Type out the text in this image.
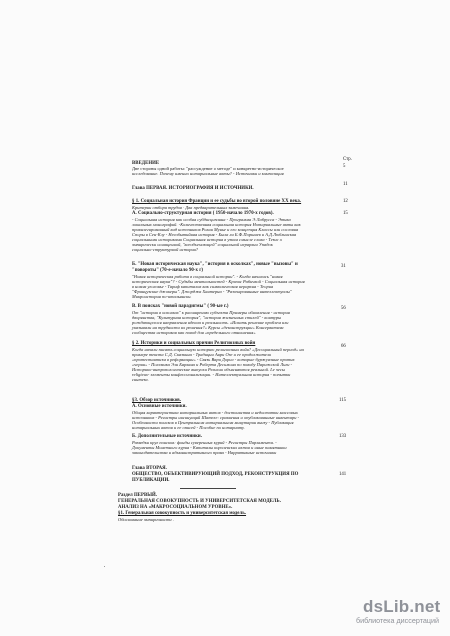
Стр.
5
11
12
15
31
56
66
115
133
141
ВВЕДЕНИЕ
Две стороны одной работы: "рассуждение о методе" и конкретно-историческое
исследование. Почему именно нотариальные акты? - Источники и композиция
Глава ПЕРВАЯ. ИСТОРИОГРАФИЯ И ИСТОЧНИКИ.
§ 1. Социальная история Франции и ее судьбы во второй половине XX века.
Критерии отбора трудов · Два предварительных замечания.
А. Социально-структурная история ( 1950-начало 1970-х годов).
- Социальная история как особая субдисциплина - Программа Э.Лабрусса - Этика
локальных монографий. -Количественная социальная история Нотариальные акты как
привилегированный вид источников Ролан Мунье и его концепция Классы или сословия
Споры в Сен-Клу - Несобытийная история - Была ли Б.Ф.Поршнев и А.Д.Люблинская
социальными историками Социальная история в узком смысле слова - Тезис о
эмпирически оснащенной, "всеобъемлющей" социальной иерархии Упадок
социально-структурной истории?
Б. "Новая историческая наука", "история в осколках", новые "вызовы" и
"повороты" (70-е-начало 90-х г)
"Новая историческая работа в социальной истории". - Когда начались "новая
историческая наука"? - Судьбы ментальностей - Кризис Рабичкой - Социальная история
в новом уголовье - Тариф капиталов как символическая иерархия - Теория
"Французские джокеры". Джорджа Хантерна - "Разочарованные интеллектуалы"
Микроистория по-итальянски.
В. В поисках "новой парадигмы" ( 90-ые г.)
От "истории в осколках" к расширению субъекта Примеры обновления - история
дворянства, "Культурная история", "история жизненных стилей" - контуры
рождающегося направления идеала и реальность. «Искать решение проблем или
указывали на трудности их решения?» Курсы «деконструкции» Консерватизм
сообщества историков как повод для «предельного отношения»
§ 2. Историки и социальных причин Религиозных войн
Когда начали писать социальную историю религиозных войн? «Десоциальный период» на
примере текста С.Д. Сказкина - Традиции Анри Озе и ее продолжатели
«протестантизм в реформации» - Связь Вари Дорил - которые буржуазные против
«черни» - Полемика Эли Бархана и Роберта Десимона по поводу Парижской Лиги -
Историко-антропологические выпуски Религии объясняются реальной. Le чесы
religieux- элементы конфессионализации. - Интеллектуальная история - попытки
синтеза.
§3. Обзор источников.
А. Основные источники.
Общая характеристика нотариальных актов - достоинства и недостатки массовых
источников - Регистры инсинуаций Шателе: сравнения и опубликованные инвентари -
Особенности поисков в Центральном нотариальном минутарии внизу - Публикация
нотариальных актов и ее описей - Пособие по нотариату.
Б. Дополнительные источники.
Разведки круг поисков: фонды суверенных курий - Регистры Парламента. -
Документы Монетного курия - Капиталы королевских актов и иные памятники
законодательства и административного права - Нарративные источники
Глава ВТОРАЯ.
ОБЩЕСТВО, ОБЪЕКТИВИРУЮЩИЙ ПОДХОД, РЕКОНСТРУКЦИЯ ПО
ПУБЛИКАЦИИ.
Раздел ПЕРВЫЙ.
ГЕНЕРАЛЬНАЯ СОВОКУПНОСТЬ И УНИВЕРСИТЕТСКАЯ МОДЕЛЬ.
АНАЛИЗ НА «МАКРОСОЦИАЛЬНОМ УРОВНЕ».
§1. Генеральная совокупность и университетская модель.
Обоснование эмпиричности .
dsLib.net
библиотека диссертаций
